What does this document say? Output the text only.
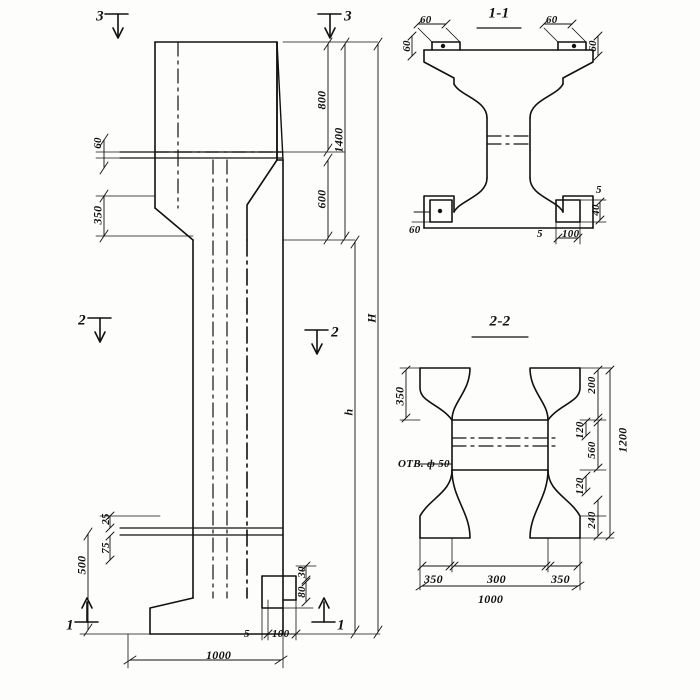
1-1
2-2
3	3
2
2
1	1
800
1400
600
H
h
60
350
500
25
75
30
80
5 100
1000
60	60
60	60
60
5
40
5 100
350
200
120
560
120
240
1200
350	300	350
1000
OTB. ф 50
